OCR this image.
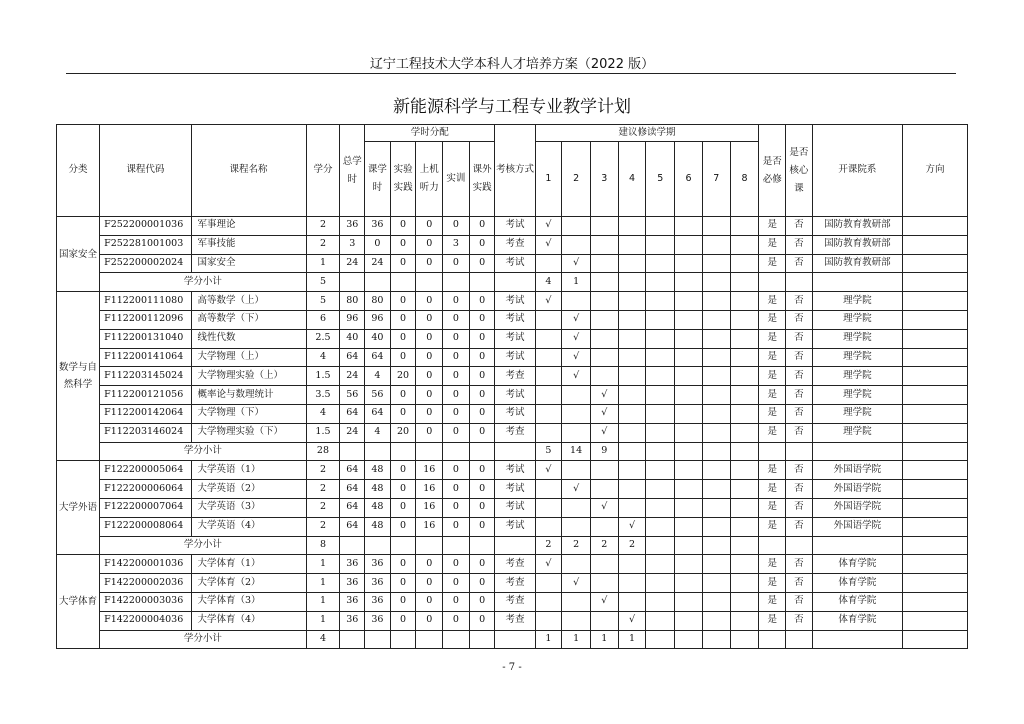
辽宁工程技术大学本科人才培养方案（2022 版）
新能源科学与工程专业教学计划
分类	课程代码	课程名称	学分	总学时	学时分配					考核方式	建议修读学期								是否必修	是否核心课	开课院系	方向
					课学时	实验实践	上机听力	实训	课外实践		1	2	3	4	5	6	7	8				
国家安全	F252200001036	军事理论	2	36	36	0	0	0	0	考试	√								是	否	国防教育教研部	
	F252281001003	军事技能	2	3	0	0	0	3	0	考查	√								是	否	国防教育教研部	
	F252200002024	国家安全	1	24	24	0	0	0	0	考试		√							是	否	国防教育教研部	
	学分小计		5								4	1										
数学与自然科学	F112200111080	高等数学（上）	5	80	80	0	0	0	0	考试	√								是	否	理学院	
	F112200112096	高等数学（下）	6	96	96	0	0	0	0	考试		√							是	否	理学院	
	F112200131040	线性代数	2.5	40	40	0	0	0	0	考试		√							是	否	理学院	
	F112200141064	大学物理（上）	4	64	64	0	0	0	0	考试		√							是	否	理学院	
	F112203145024	大学物理实验（上）	1.5	24	4	20	0	0	0	考查		√							是	否	理学院	
	F112200121056	概率论与数理统计	3.5	56	56	0	0	0	0	考试			√						是	否	理学院	
	F112200142064	大学物理（下）	4	64	64	0	0	0	0	考试			√						是	否	理学院	
	F112203146024	大学物理实验（下）	1.5	24	4	20	0	0	0	考查			√						是	否	理学院	
	学分小计		28								5	14	9									
大学外语	F122200005064	大学英语（1）	2	64	48	0	16	0	0	考试	√								是	否	外国语学院	
	F122200006064	大学英语（2）	2	64	48	0	16	0	0	考试		√							是	否	外国语学院	
	F122200007064	大学英语（3）	2	64	48	0	16	0	0	考试			√						是	否	外国语学院	
	F122200008064	大学英语（4）	2	64	48	0	16	0	0	考试				√					是	否	外国语学院	
	学分小计		8								2	2	2	2								
大学体育	F142200001036	大学体育（1）	1	36	36	0	0	0	0	考查	√								是	否	体育学院	
	F142200002036	大学体育（2）	1	36	36	0	0	0	0	考查		√							是	否	体育学院	
	F142200003036	大学体育（3）	1	36	36	0	0	0	0	考查			√						是	否	体育学院	
	F142200004036	大学体育（4）	1	36	36	0	0	0	0	考查				√					是	否	体育学院	
	学分小计		4								1	1	1	1								
- 7 -
